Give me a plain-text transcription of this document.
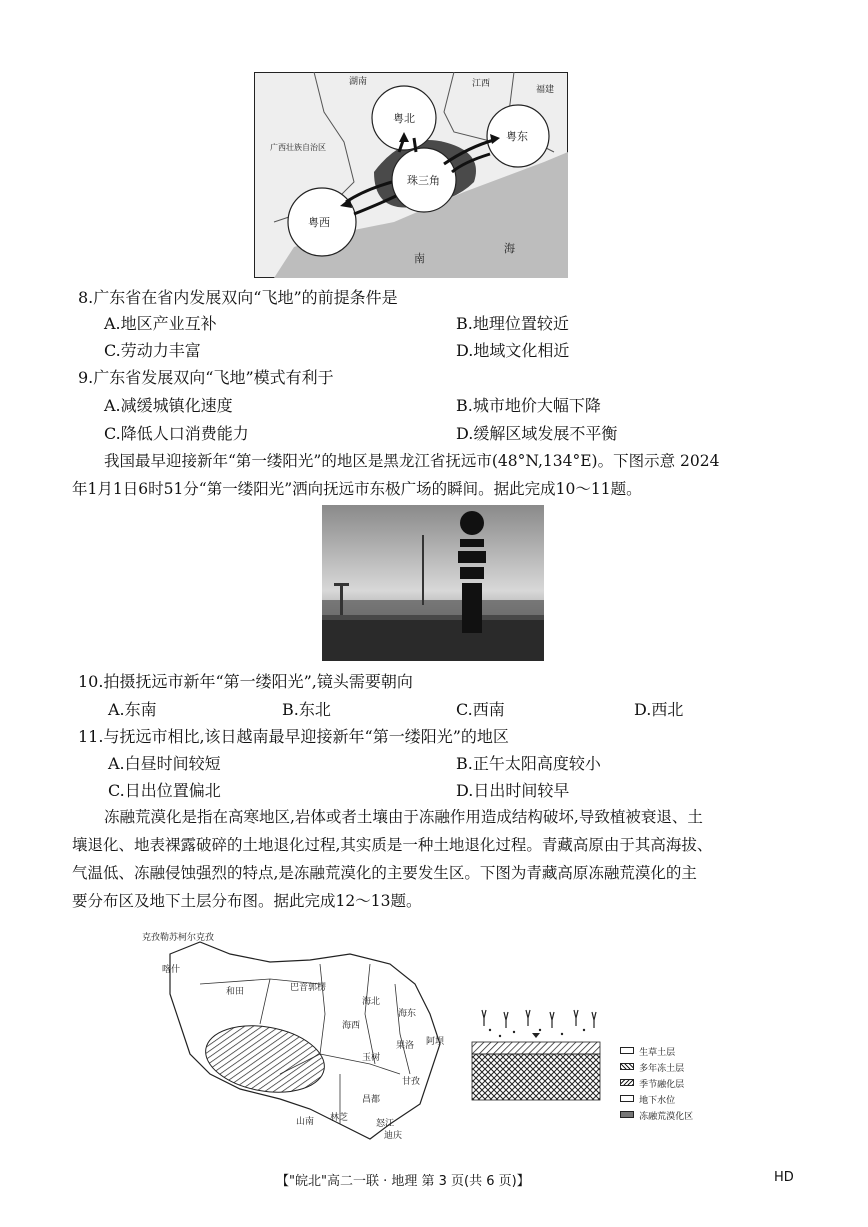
湖南	江西
福建
广西壮族自治区
粤北
粤东
珠三角
粤西
南
海
8.广东省在省内发展双向“飞地”的前提条件是
A.地区产业互补	B.地理位置较近
C.劳动力丰富	D.地域文化相近
9.广东省发展双向“飞地”模式有利于
A.减缓城镇化速度	B.城市地价大幅下降
C.降低人口消费能力	D.缓解区域发展不平衡
我国最早迎接新年“第一缕阳光”的地区是黑龙江省抚远市(48°N,134°E)。下图示意 2024
年1月1日6时51分“第一缕阳光”洒向抚远市东极广场的瞬间。据此完成10～11题。
10.拍摄抚远市新年“第一缕阳光”,镜头需要朝向
A.东南	B.东北	C.西南	D.西北
11.与抚远市相比,该日越南最早迎接新年“第一缕阳光”的地区
A.白昼时间较短	B.正午太阳高度较小
C.日出位置偏北	D.日出时间较早
冻融荒漠化是指在高寒地区,岩体或者土壤由于冻融作用造成结构破坏,导致植被衰退、土
壤退化、地表裸露破碎的土地退化过程,其实质是一种土地退化过程。青藏高原由于其高海拔、
气温低、冻融侵蚀强烈的特点,是冻融荒漠化的主要发生区。下图为青藏高原冻融荒漠化的主
要分布区及地下土层分布图。据此完成12～13题。
克孜勒苏柯尔克孜
喀什
和田	巴音郭楞
海北
海西
海东
玉树
果洛 阿坝
甘孜
昌都
林芝
山南	怒江
迪庆
生草土层
多年冻土层
季节融化层
地下水位
冻融荒漠化区
【"皖北"高二一联 · 地理 第 3 页(共 6 页)】	HD
